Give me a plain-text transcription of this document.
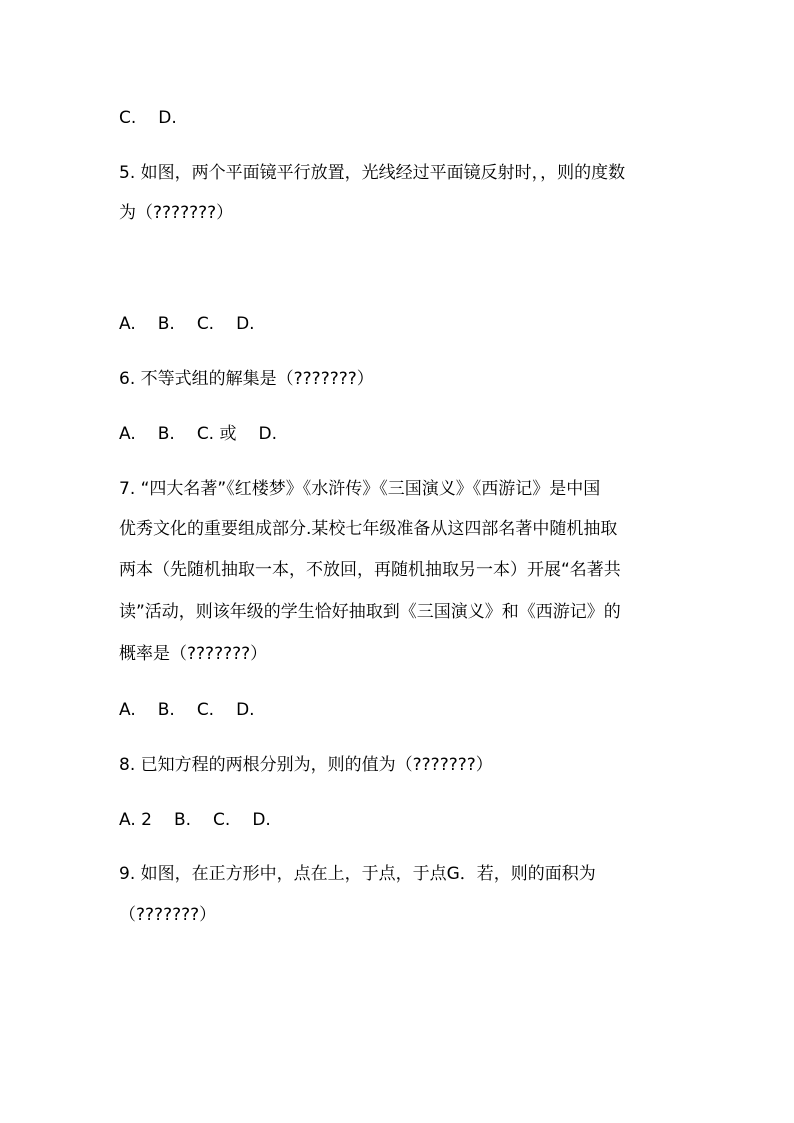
C. D.
5. 如图，两个平面镜平行放置，光线经过平面镜反射时，，则的度数
为（???????）
A. B. C. D.
6. 不等式组的解集是（???????）
A. B. C. 或 D.
7. “四大名著”《红楼梦》《水浒传》《三国演义》《西游记》是中国
优秀文化的重要组成部分.某校七年级准备从这四部名著中随机抽取
两本（先随机抽取一本，不放回，再随机抽取另一本）开展“名著共
读”活动，则该年级的学生恰好抽取到《三国演义》和《西游记》的
概率是（???????）
A. B. C. D.
8. 已知方程的两根分别为，则的值为（???????）
A. 2 B. C. D.
9. 如图，在正方形中，点在上，于点，于点G．若，则的面积为
（???????）
